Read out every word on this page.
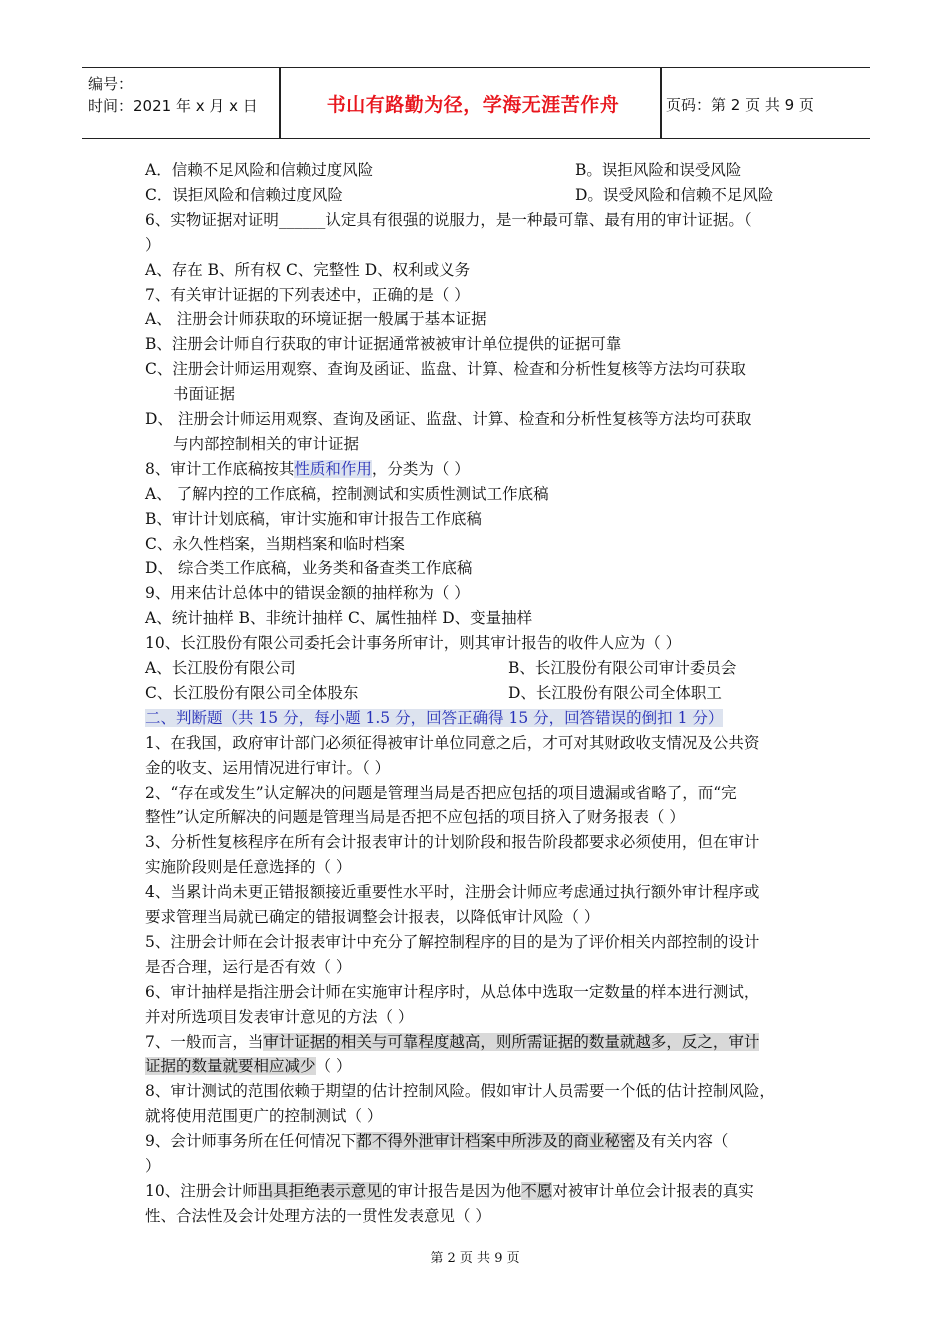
编号：
时间：2021 年 x 月 x 日	书山有路勤为径，学海无涯苦作舟	页码：第 2 页 共 9 页
A．信赖不足风险和信赖过度风险	B。误拒风险和误受风险
C．误拒风险和信赖过度风险	D。误受风险和信赖不足风险
6、实物证据对证明______认定具有很强的说服力，是一种最可靠、最有用的审计证据。（
）
A、存在 B、所有权 C、完整性 D、权利或义务
7、有关审计证据的下列表述中，正确的是（ ）
A、 注册会计师获取的环境证据一般属于基本证据
B、注册会计师自行获取的审计证据通常被被审计单位提供的证据可靠
C、注册会计师运用观察、查询及函证、监盘、计算、检查和分析性复核等方法均可获取
书面证据
D、 注册会计师运用观察、查询及函证、监盘、计算、检查和分析性复核等方法均可获取
与内部控制相关的审计证据
8、审计工作底稿按其性质和作用，分类为（ ）
A、 了解内控的工作底稿，控制测试和实质性测试工作底稿
B、审计计划底稿，审计实施和审计报告工作底稿
C、永久性档案，当期档案和临时档案
D、 综合类工作底稿，业务类和备查类工作底稿
9、用来估计总体中的错误金额的抽样称为（ ）
A、统计抽样 B、非统计抽样 C、属性抽样 D、变量抽样
10、长江股份有限公司委托会计事务所审计，则其审计报告的收件人应为（ ）
A、长江股份有限公司	B、长江股份有限公司审计委员会
C、长江股份有限公司全体股东	D、长江股份有限公司全体职工
二、判断题（共 15 分，每小题 1.5 分，回答正确得 15 分，回答错误的倒扣 1 分）
1、在我国，政府审计部门必须征得被审计单位同意之后，才可对其财政收支情况及公共资
金的收支、运用情况进行审计。（ ）
2、“存在或发生”认定解决的问题是管理当局是否把应包括的项目遗漏或省略了，而“完
整性”认定所解决的问题是管理当局是否把不应包括的项目挤入了财务报表（ ）
3、分析性复核程序在所有会计报表审计的计划阶段和报告阶段都要求必须使用，但在审计
实施阶段则是任意选择的（ ）
4、当累计尚未更正错报额接近重要性水平时，注册会计师应考虑通过执行额外审计程序或
要求管理当局就已确定的错报调整会计报表，以降低审计风险（ ）
5、注册会计师在会计报表审计中充分了解控制程序的目的是为了评价相关内部控制的设计
是否合理，运行是否有效（ ）
6、审计抽样是指注册会计师在实施审计程序时，从总体中选取一定数量的样本进行测试，
并对所选项目发表审计意见的方法（ ）
7、一般而言，当审计证据的相关与可靠程度越高，则所需证据的数量就越多，反之，审计
证据的数量就要相应减少（ ）
8、审计测试的范围依赖于期望的估计控制风险。假如审计人员需要一个低的估计控制风险，
就将使用范围更广的控制测试（ ）
9、会计师事务所在任何情况下都不得外泄审计档案中所涉及的商业秘密及有关内容（
）
10、注册会计师出具拒绝表示意见的审计报告是因为他不愿对被审计单位会计报表的真实
性、合法性及会计处理方法的一贯性发表意见（ ）
第 2 页 共 9 页
